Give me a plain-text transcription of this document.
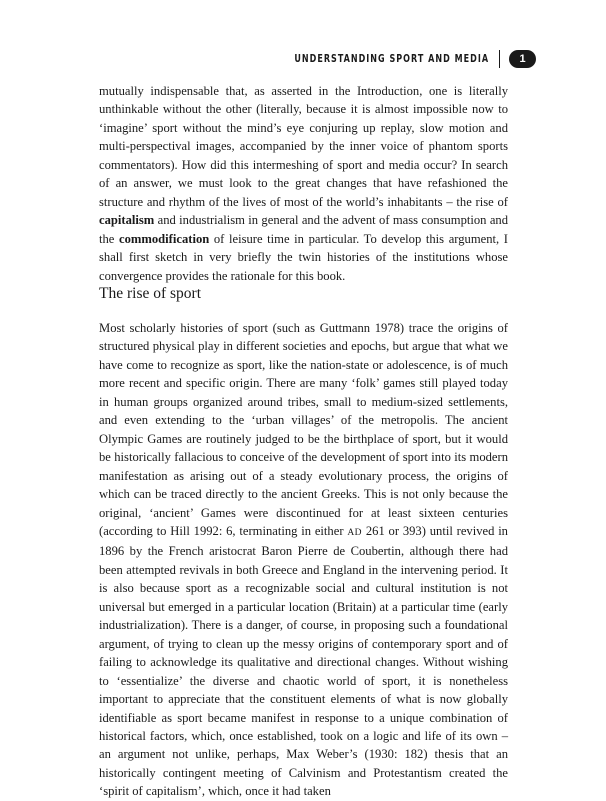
UNDERSTANDING SPORT AND MEDIA	1

mutually indispensable that, as asserted in the Introduction, one is literally unthinkable without the other (literally, because it is almost impossible now to ‘imagine’ sport without the mind’s eye conjuring up replay, slow motion and multi-perspectival images, accompanied by the inner voice of phantom sports commentators). How did this intermeshing of sport and media occur? In search of an answer, we must look to the great changes that have refashioned the structure and rhythm of the lives of most of the world’s inhabitants – the rise of capitalism and industrialism in general and the advent of mass consumption and the commodification of leisure time in particular. To develop this argument, I shall first sketch in very briefly the twin histories of the institutions whose convergence provides the rationale for this book.

The rise of sport

Most scholarly histories of sport (such as Guttmann 1978) trace the origins of structured physical play in different societies and epochs, but argue that what we have come to recognize as sport, like the nation-state or adolescence, is of much more recent and specific origin. There are many ‘folk’ games still played today in human groups organized around tribes, small to medium-sized settlements, and even extending to the ‘urban villages’ of the metropolis. The ancient Olympic Games are routinely judged to be the birthplace of sport, but it would be historically fallacious to conceive of the development of sport into its modern manifestation as arising out of a steady evolutionary process, the origins of which can be traced directly to the ancient Greeks. This is not only because the original, ‘ancient’ Games were discontinued for at least sixteen centuries (according to Hill 1992: 6, terminating in either AD 261 or 393) until revived in 1896 by the French aristocrat Baron Pierre de Coubertin, although there had been attempted revivals in both Greece and England in the intervening period. It is also because sport as a recognizable social and cultural institution is not universal but emerged in a particular location (Britain) at a particular time (early industrialization). There is a danger, of course, in proposing such a foundational argument, of trying to clean up the messy origins of contemporary sport and of failing to acknowledge its qualitative and directional changes. Without wishing to ‘essentialize’ the diverse and chaotic world of sport, it is nonetheless important to appreciate that the constituent elements of what is now globally identifiable as sport became manifest in response to a unique combination of historical factors, which, once established, took on a logic and life of its own – an argument not unlike, perhaps, Max Weber’s (1930: 182) thesis that an historically contingent meeting of Calvinism and Protestantism created the ‘spirit of capitalism’, which, once it had taken
